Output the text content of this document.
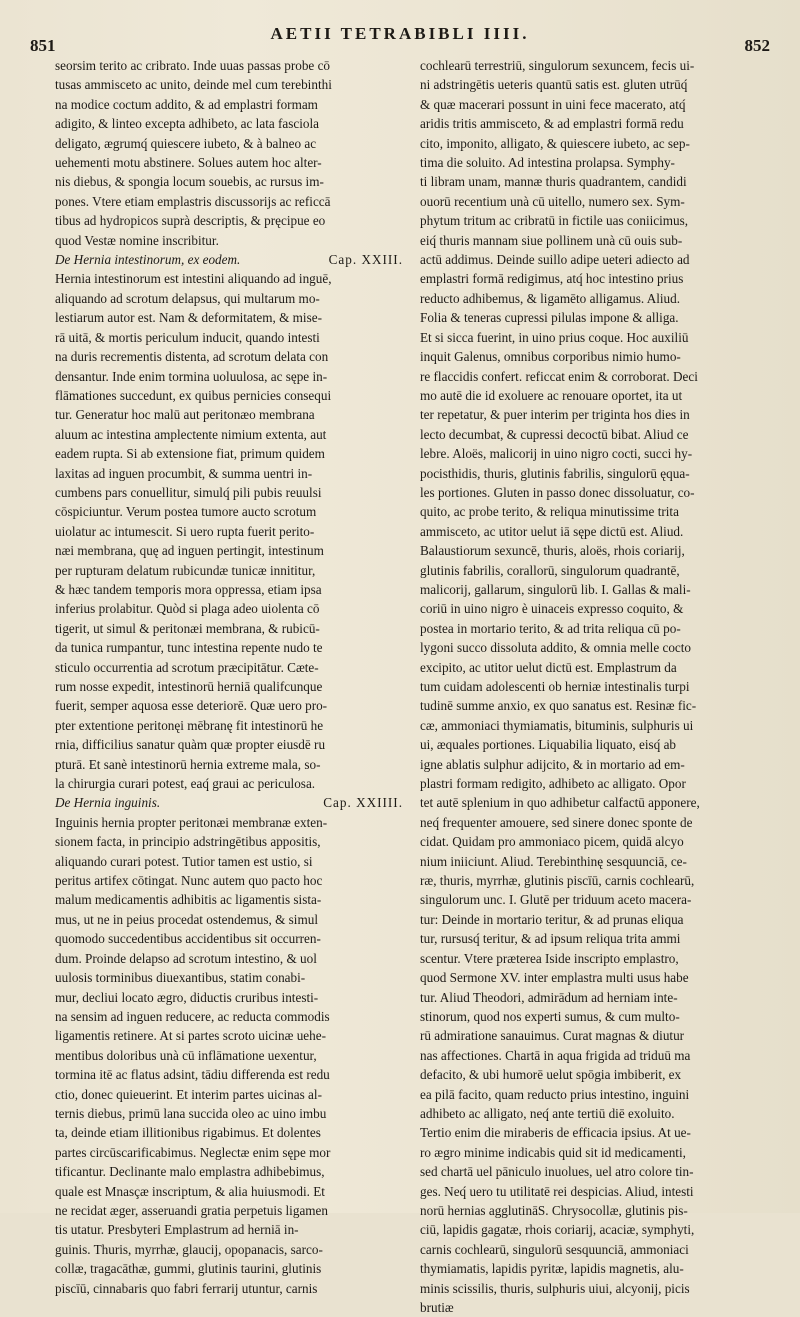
851
AETII TETRABIBLI IIII.
852
seorsim terito ac cribrato. Inde uuas passas probe cō
tusas ammisceto ac unito, deinde mel cum terebinthi
na modice coctum addito, & ad emplastri formam
adigito, & linteo excepta adhibeto, ac lata fasciola
deligato, ægrumq́ quiescere iubeto, & à balneo ac
uehementi motu abstinere. Solues autem hoc alter-
nis diebus, & spongia locum souebis, ac rursus im-
pones. Vtere etiam emplastris discussorijs ac reficcā
tibus ad hydropicos suprà descriptis, & pręcipue eo
quod Vestæ nomine inscribitur.
De Hernia intestinorum, ex eodem.	Cap. XXIII.
Hernia intestinorum est intestini aliquando ad inguē,
aliquando ad scrotum delapsus, qui multarum mo-
lestiarum autor est. Nam & deformitatem, & mise-
rā uitā, & mortis periculum inducit, quando intesti
na duris recrementis distenta, ad scrotum delata con
densantur. Inde enim tormina uoluulosa, ac sępe in-
flāmationes succedunt, ex quibus pernicies consequi
tur. Generatur hoc malū aut peritonæo membrana
aluum ac intestina amplectente nimium extenta, aut
eadem rupta. Si ab extensione fiat, primum quidem
laxitas ad inguen procumbit, & summa uentri in-
cumbens pars conuellitur, simulq́ pili pubis reuulsi
cōspiciuntur. Verum postea tumore aucto scrotum
uiolatur ac intumescit. Si uero rupta fuerit perito-
næi membrana, quę ad inguen pertingit, intestinum
per rupturam delatum rubicundæ tunicæ innititur,
& hæc tandem temporis mora oppressa, etiam ipsa
inferius prolabitur. Quòd si plaga adeo uiolenta cō
tigerit, ut simul & peritonæi membrana, & rubicū-
da tunica rumpantur, tunc intestina repente nudo te
sticulo occurrentia ad scrotum præcipitātur. Cæte-
rum nosse expedit, intestinorū herniā qualifcunque
fuerit, semper aquosa esse deteriorē. Quæ uero pro-
pter extentione peritonęi mēbranę fit intestinorū he
rnia, difficilius sanatur quàm quæ propter eiusdē ru
pturā. Et sanè intestinorū hernia extreme mala, so-
la chirurgia curari potest, eaq́ graui ac periculosa.
De Hernia inguinis.	Cap. XXIIII.
Inguinis hernia propter peritonæi membranæ exten-
sionem facta, in principio adstringētibus appositis,
aliquando curari potest. Tutior tamen est ustio, si
peritus artifex cōtingat. Nunc autem quo pacto hoc
malum medicamentis adhibitis ac ligamentis sista-
mus, ut ne in peius procedat ostendemus, & simul
quomodo succedentibus accidentibus sit occurren-
dum. Proinde delapso ad scrotum intestino, & uol
uulosis torminibus diuexantibus, statim conabi-
mur, decliui locato ægro, diductis cruribus intesti-
na sensim ad inguen reducere, ac reducta commodis
ligamentis retinere. At si partes scroto uicinæ uehe-
mentibus doloribus unà cū inflāmatione uexentur,
tormina itē ac flatus adsint, tādiu differenda est redu
ctio, donec quieuerint. Et interim partes uicinas al-
ternis diebus, primū lana succida oleo ac uino imbu
ta, deinde etiam illitionibus rigabimus. Et dolentes
partes circūscarificabimus. Neglectæ enim sępe mor
tificantur. Declinante malo emplastra adhibebimus,
quale est Mnasçæ inscriptum, & alia huiusmodi. Et
ne recidat æger, asseruandi gratia perpetuis ligamen
tis utatur. Presbyteri Emplastrum ad herniā in-
guinis. Thuris, myrrhæ, glaucij, opopanacis, sarco-
collæ, tragacāthæ, gummi, glutinis taurini, glutinis
piscīū, cinnabaris quo fabri ferrarij utuntur, carnis
cochlearū terrestriū, singulorum sexuncem, fecis ui-
ni adstringētis ueteris quantū satis est. gluten utrūq́
& quæ macerari possunt in uini fece macerato, atq́
aridis tritis ammisceto, & ad emplastri formā redu
cito, imponito, alligato, & quiescere iubeto, ac sep-
tima die soluito. Ad intestina prolapsa. Symphy-
ti libram unam, mannæ thuris quadrantem, candidi
ouorū recentium unà cū uitello, numero sex. Sym-
phytum tritum ac cribratū in fictile uas coniicimus,
eiq́ thuris mannam siue pollinem unà cū ouis sub-
actū addimus. Deinde suillo adipe ueteri adiecto ad
emplastri formā redigimus, atq́ hoc intestino prius
reducto adhibemus, & ligamēto alligamus. Aliud.
Folia & teneras cupressi pilulas impone & alliga.
Et si sicca fuerint, in uino prius coque. Hoc auxiliū
inquit Galenus, omnibus corporibus nimio humo-
re flaccidis confert. reficcat enim & corroborat. Deci
mo autē die id exoluere ac renouare oportet, ita ut
ter repetatur, & puer interim per triginta hos dies in
lecto decumbat, & cupressi decoctū bibat. Aliud ce
lebre. Aloës, malicorij in uino nigro cocti, succi hy-
pocisthidis, thuris, glutinis fabrilis, singulorū ęqua-
les portiones. Gluten in passo donec dissoluatur, co-
quito, ac probe terito, & reliqua minutissime trita
ammisceto, ac utitor uelut iā sępe dictū est. Aliud.
Balaustiorum sexuncē, thuris, aloës, rhois coriarij,
glutinis fabrilis, corallorū, singulorum quadrantē,
malicorij, gallarum, singulorū lib. I. Gallas & mali-
coriū in uino nigro è uinaceis expresso coquito, &
postea in mortario terito, & ad trita reliqua cū po-
lygoni succo dissoluta addito, & omnia melle cocto
excipito, ac utitor uelut dictū est. Emplastrum da
tum cuidam adolescenti ob herniæ intestinalis turpi
tudinē summe anxio, ex quo sanatus est. Resinæ fic-
cæ, ammoniaci thymiamatis, bituminis, sulphuris ui
ui, æquales portiones. Liquabilia liquato, eisq́ ab
igne ablatis sulphur adijcito, & in mortario ad em-
plastri formam redigito, adhibeto ac alligato. Opor
tet autē splenium in quo adhibetur calfactū apponere,
neq́ frequenter amouere, sed sinere donec sponte de
cidat. Quidam pro ammoniaco picem, quidā alcyo
nium iniiciunt. Aliud. Terebinthinę sesquunciā, ce-
ræ, thuris, myrrhæ, glutinis piscīū, carnis cochlearū,
singulorum unc. I. Glutē per triduum aceto macera-
tur: Deinde in mortario teritur, & ad prunas eliqua
tur, rursusq́ teritur, & ad ipsum reliqua trita ammi
scentur. Vtere præterea Iside inscripto emplastro,
quod Sermone XV. inter emplastra multi usus habe
tur. Aliud Theodori, admirādum ad herniam inte-
stinorum, quod nos experti sumus, & cum multo-
rū admiratione sanauimus. Curat magnas & diutur
nas affectiones. Chartā in aqua frigida ad triduū ma
defacito, & ubi humorē uelut spōgia imbiberit, ex
ea pilā facito, quam reducto prius intestino, inguini
adhibeto ac alligato, neq́ ante tertiū diē exoluito.
Tertio enim die miraberis de efficacia ipsius. At ue-
ro ægro minime indicabis quid sit id medicamenti,
sed chartā uel pāniculo inuolues, uel atro colore tin-
ges. Neq́ uero tu utilitatē rei despicias. Aliud, intesti
norū hernias agglutināS. Chrysocollæ, glutinis pis-
ciū, lapidis gagatæ, rhois coriarij, acaciæ, symphyti,
carnis cochlearū, singulorū sesquunciā, ammoniaci
thymiamatis, lapidis pyritæ, lapidis magnetis, alu-
minis scissilis, thuris, sulphuris uiui, alcyonij, picis
brutiæ
